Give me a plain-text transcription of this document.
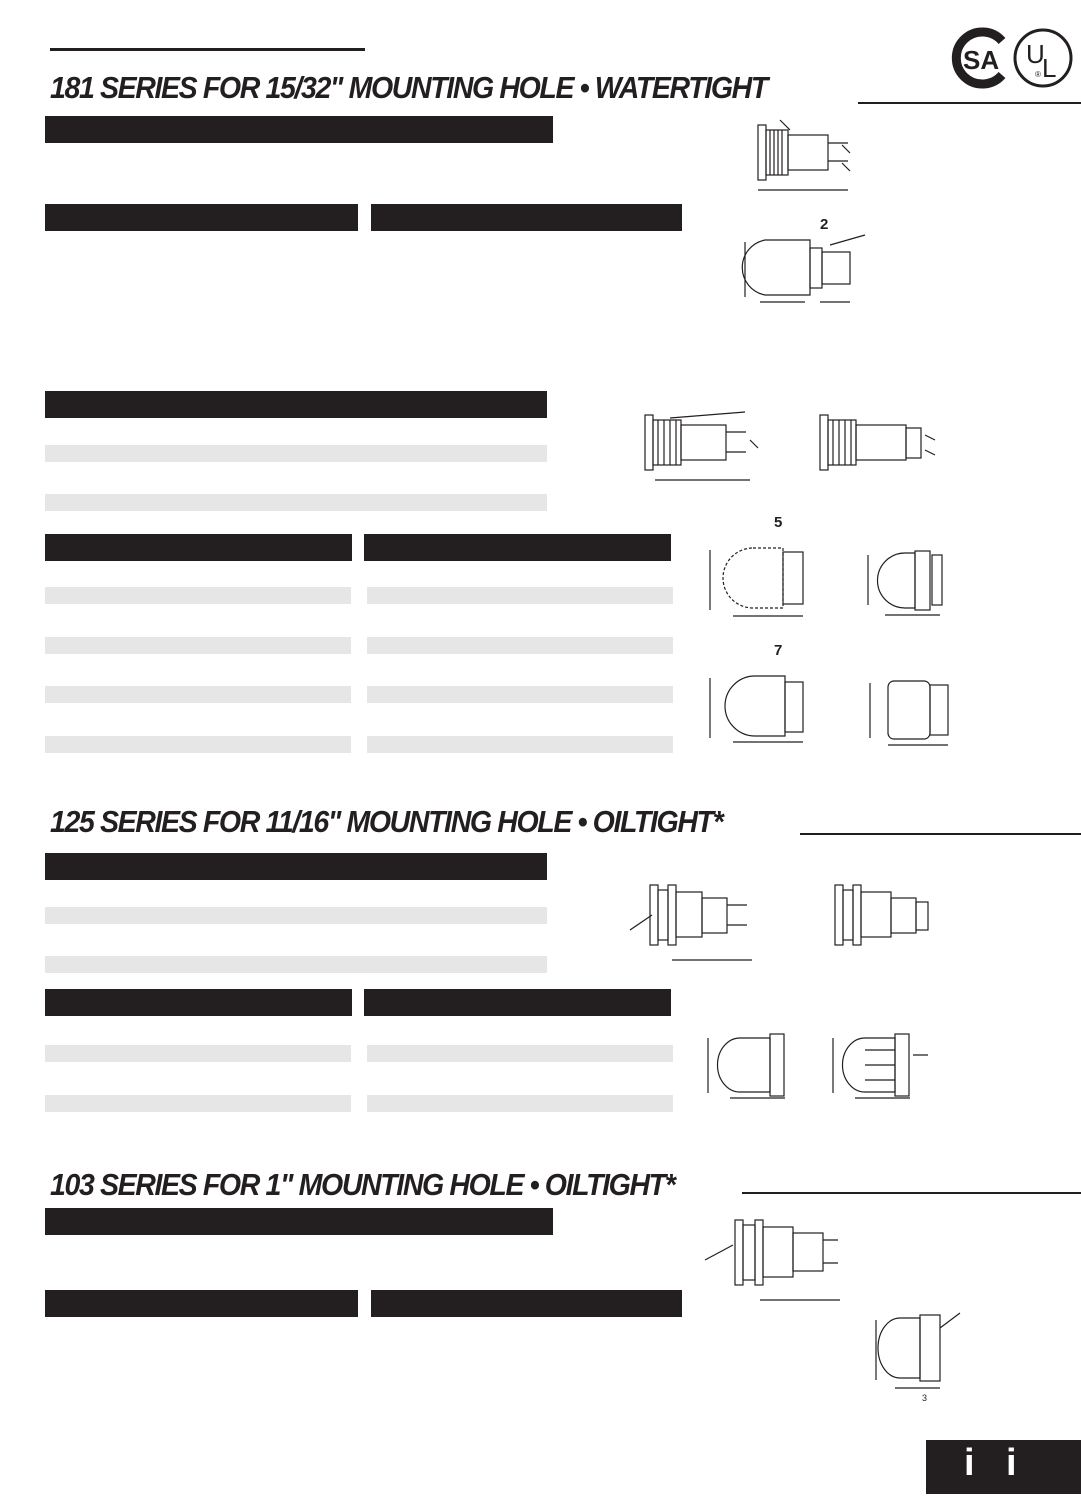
SA U
L
®
181 SERIES FOR 15/32" MOUNTING HOLE • WATERTIGHT
125 SERIES FOR 11/16" MOUNTING HOLE • OILTIGHT*
103 SERIES FOR 1" MOUNTING HOLE • OILTIGHT*
2
5
7
3
i i
